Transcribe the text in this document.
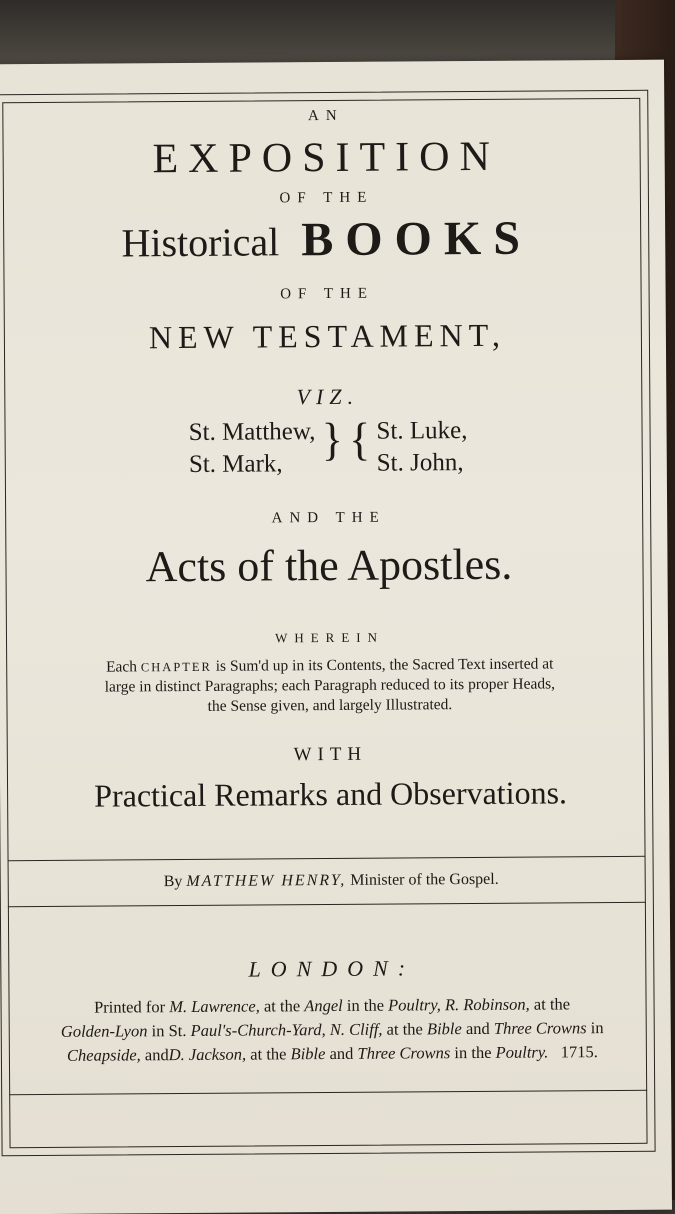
AN
EXPOSITION
OF THE
Historical BOOKS
OF THE
NEW TESTAMENT,
VIZ.
St. Matthew,
St. Mark, } { St. Luke,
St. John,
AND THE
Acts of the Apostles.
WHEREIN
Each CHAPTER is Sum'd up in its Contents, the Sacred Text inserted at
large in distinct Paragraphs; each Paragraph reduced to its proper Heads,
the Sense given, and largely Illustrated.
WITH
Practical Remarks and Observations.
By MATTHEW HENRY, Minister of the Gospel.
LONDON:
Printed for M. Lawrence, at the Angel in the Poultry, R. Robinson, at the
Golden-Lyon in St. Paul's-Church-Yard, N. Cliff, at the Bible and Three Crowns in
Cheapside, andD. Jackson, at the Bible and Three Crowns in the Poultry.   1715.
